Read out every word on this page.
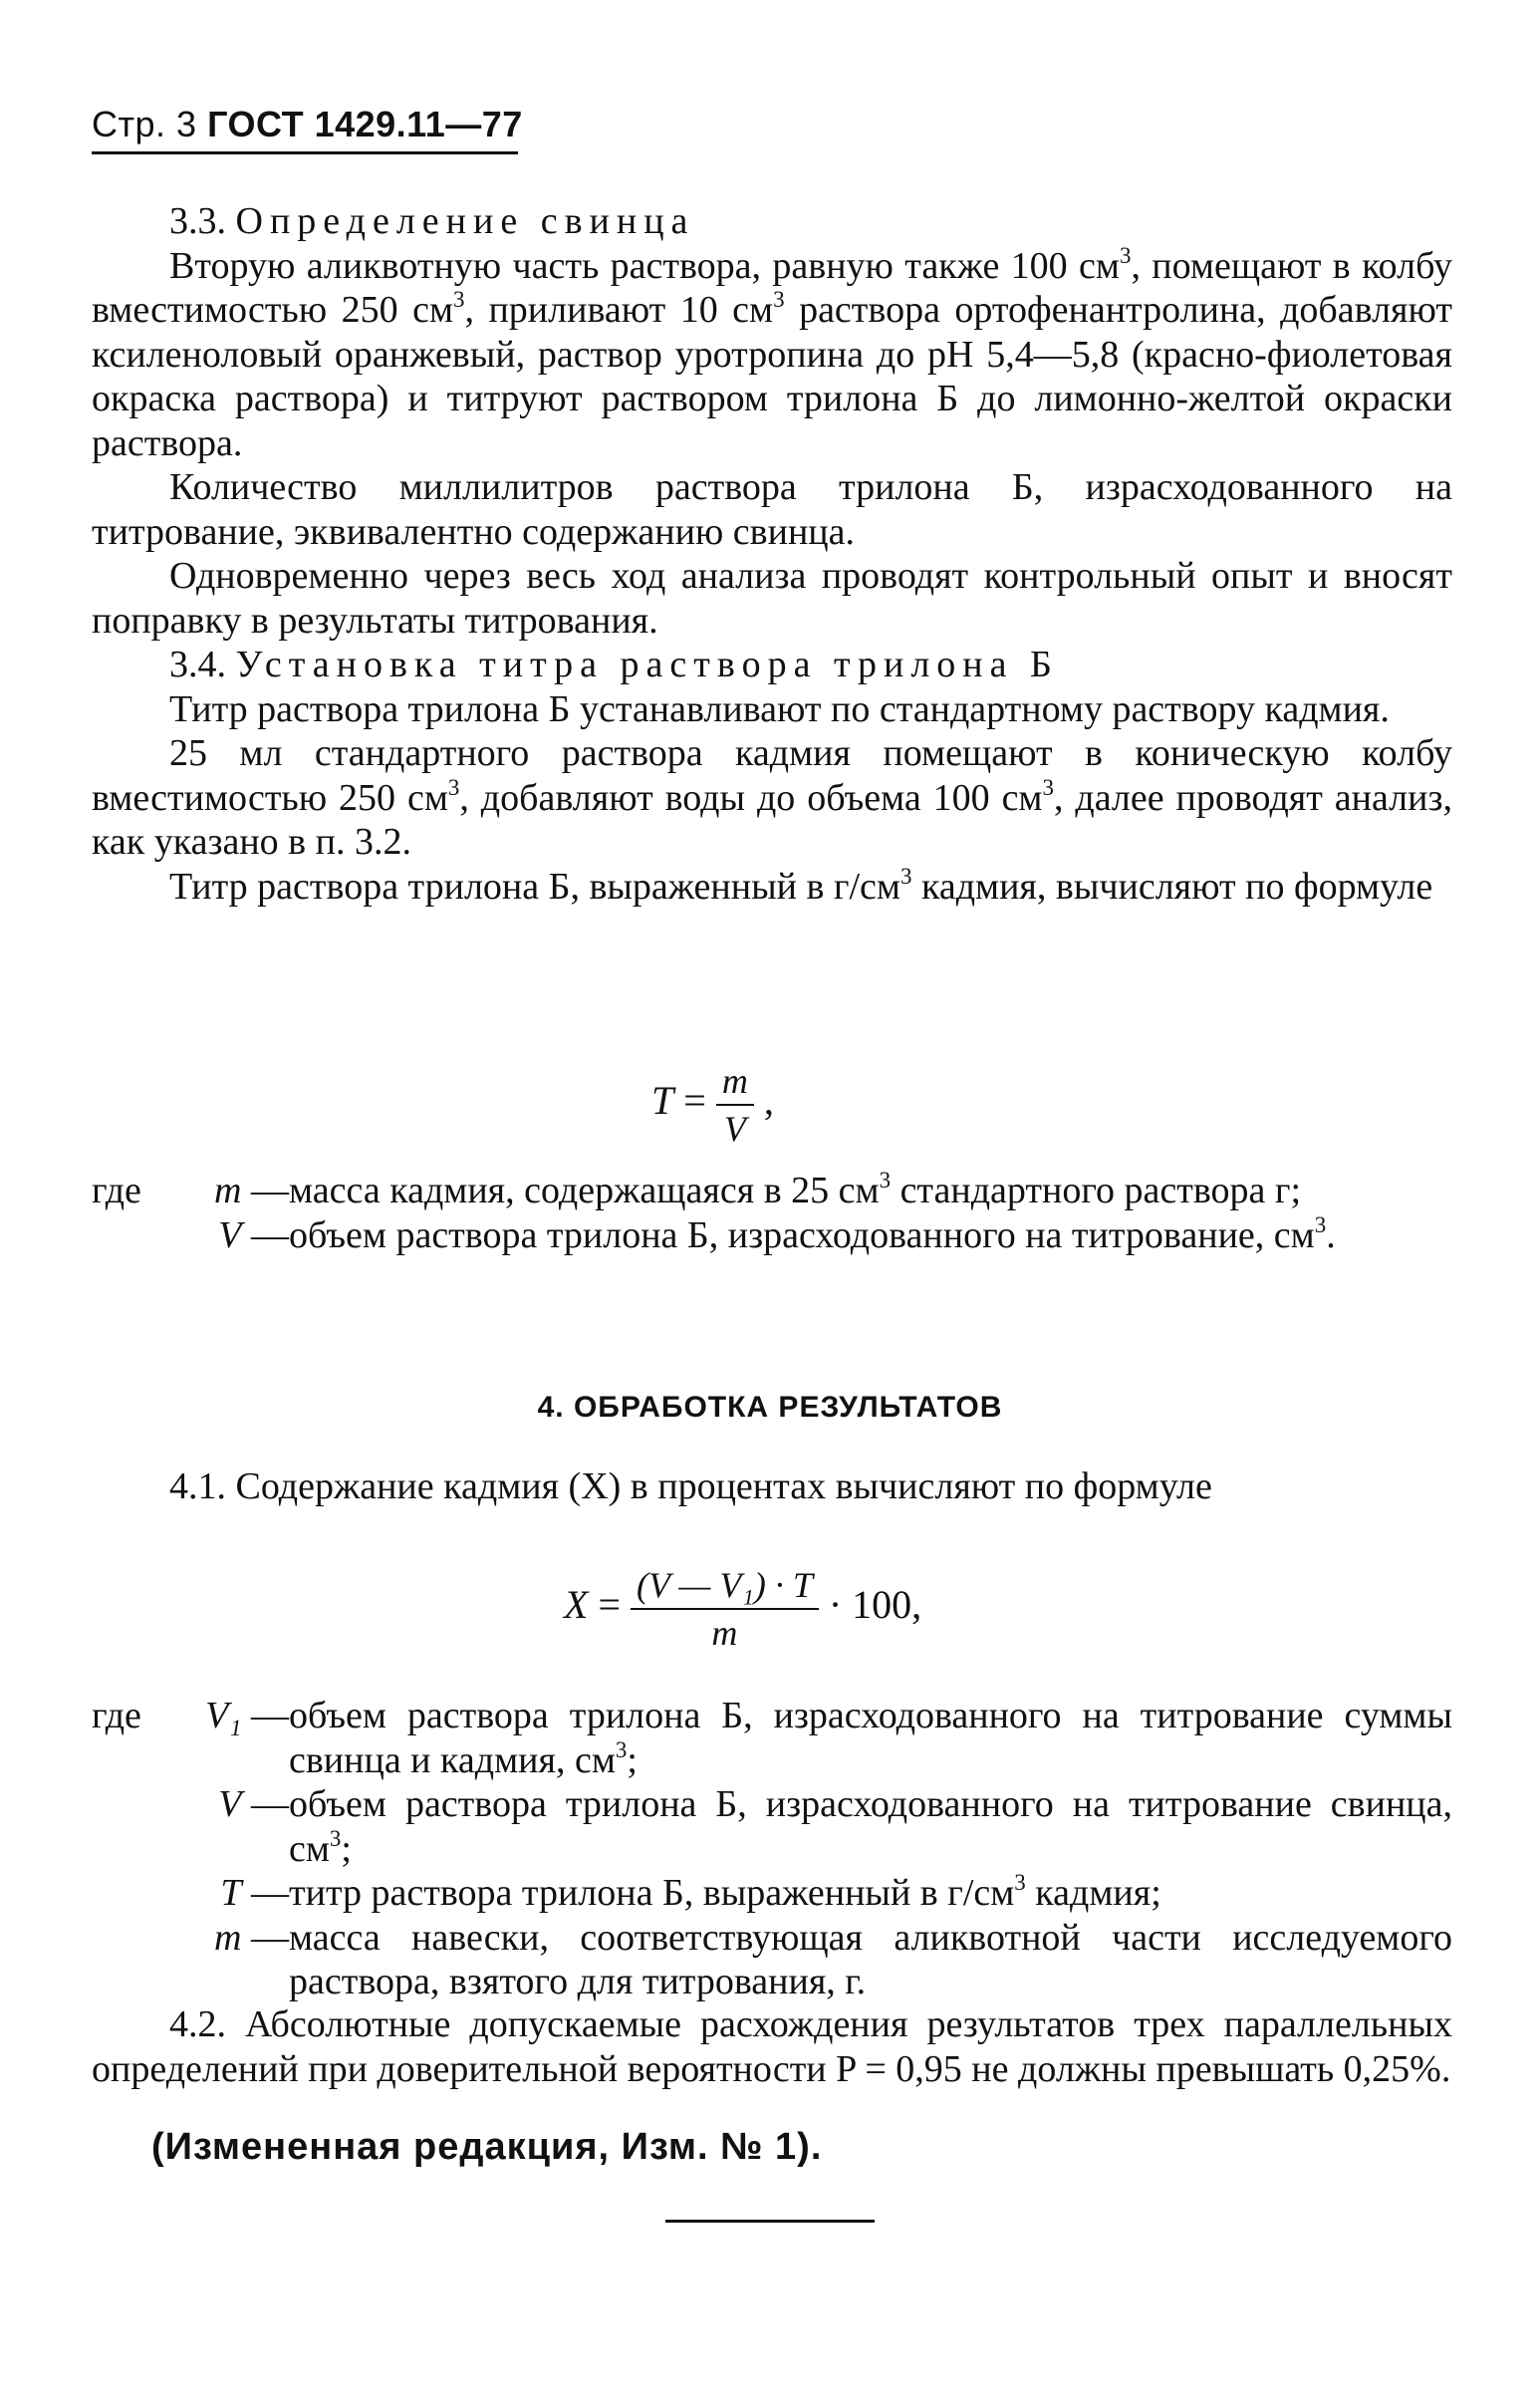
Стр. 3 ГОСТ 1429.11—77

3.3. Определение свинца

Вторую аликвотную часть раствора, равную также 100 $см^3$, помещают в колбу вместимостью 250 $см^3$, приливают 10 $см^3$ раствора ортофенантролина, добавляют ксиленоловый оранжевый, раствор уротропина до рН 5,4—5,8 (красно-фиолетовая окраска раствора) и титруют раствором трилона Б до лимонно-желтой окраски раствора.

Количество миллилитров раствора трилона Б, израсходованного на титрование, эквивалентно содержанию свинца.

Одновременно через весь ход анализа проводят контрольный опыт и вносят поправку в результаты титрования.

3.4. Установка титра раствора трилона Б

Титр раствора трилона Б устанавливают по стандартному раствору кадмия.

25 мл стандартного раствора кадмия помещают в коническую колбу вместимостью 250 $см^3$, добавляют воды до объема 100 $см^3$, далее проводят анализ, как указано в п. 3.2.

Титр раствора трилона Б, выраженный в $г/см^3$ кадмия, вычисляют по формуле

$T = \frac{m}{V}$ ,
где	m — масса кадмия, содержащаяся в 25 $см^3$ стандартного раствора г;
V — объем раствора трилона Б, израсходованного на титрование, $см^3$.
4. ОБРАБОТКА РЕЗУЛЬТАТОВ

4.1. Содержание кадмия (X) в процентах вычисляют по формуле

$X = \frac{\text{(V — V₁) · T}}{m} \cdot 100$,
где	V₁ — объем раствора трилона Б, израсходованного на титрование суммы свинца и кадмия, $см^3$;
V — объем раствора трилона Б, израсходованного на титрование свинца, $см^3$;
T — титр раствора трилона Б, выраженный в $г/см^3$ кадмия;
m — масса навески, соответствующая аликвотной части исследуемого раствора, взятого для титрования, г.

4.2. Абсолютные допускаемые расхождения результатов трех параллельных определений при доверительной вероятности P = 0,95 не должны превышать 0,25%.

(Измененная редакция, Изм. № 1).
